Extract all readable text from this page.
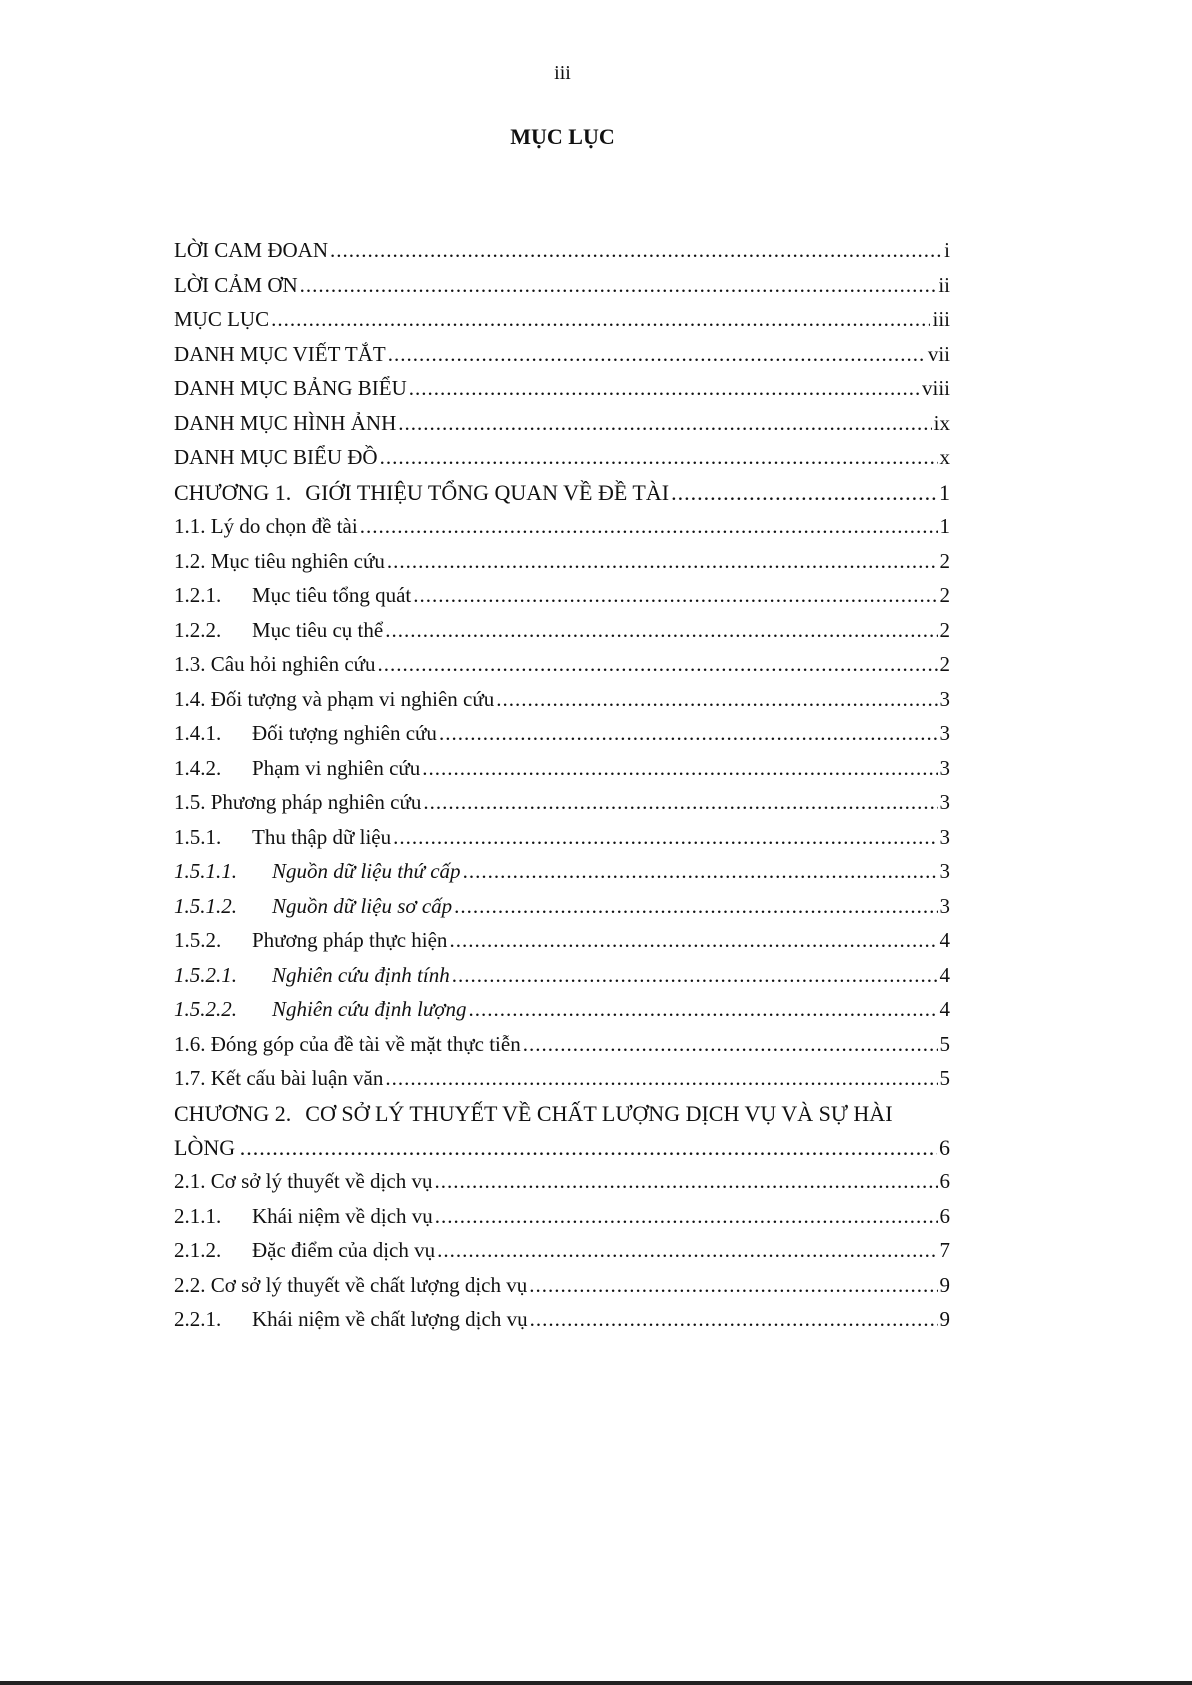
iii
MỤC LỤC
LỜI CAM ĐOAN .....	i
LỜI CẢM ƠN .....	ii
MỤC LỤC .....	iii
DANH MỤC VIẾT TẮT .....	vii
DANH MỤC BẢNG BIỂU .....	viii
DANH MỤC HÌNH ẢNH .....	ix
DANH MỤC BIỂU ĐỒ .....	x
CHƯƠNG 1. GIỚI THIỆU TỔNG QUAN VỀ ĐỀ TÀI .....	1
1.1. Lý do chọn đề tài .....	1
1.2. Mục tiêu nghiên cứu .....	2
1.2.1. Mục tiêu tổng quát .....	2
1.2.2. Mục tiêu cụ thể .....	2
1.3. Câu hỏi nghiên cứu .....	2
1.4. Đối tượng và phạm vi nghiên cứu .....	3
1.4.1. Đối tượng nghiên cứu .....	3
1.4.2. Phạm vi nghiên cứu .....	3
1.5. Phương pháp nghiên cứu .....	3
1.5.1. Thu thập dữ liệu .....	3
1.5.1.1. Nguồn dữ liệu thứ cấp .....	3
1.5.1.2. Nguồn dữ liệu sơ cấp .....	3
1.5.2. Phương pháp thực hiện .....	4
1.5.2.1. Nghiên cứu định tính .....	4
1.5.2.2. Nghiên cứu định lượng .....	4
1.6. Đóng góp của đề tài về mặt thực tiễn .....	5
1.7. Kết cấu bài luận văn .....	5
CHƯƠNG 2. CƠ SỞ LÝ THUYẾT VỀ CHẤT LƯỢNG DỊCH VỤ VÀ SỰ HÀI
LÒNG .....	6
2.1. Cơ sở lý thuyết về dịch vụ .....	6
2.1.1. Khái niệm về dịch vụ .....	6
2.1.2. Đặc điểm của dịch vụ .....	7
2.2. Cơ sở lý thuyết về chất lượng dịch vụ .....	9
2.2.1. Khái niệm về chất lượng dịch vụ .....	9
